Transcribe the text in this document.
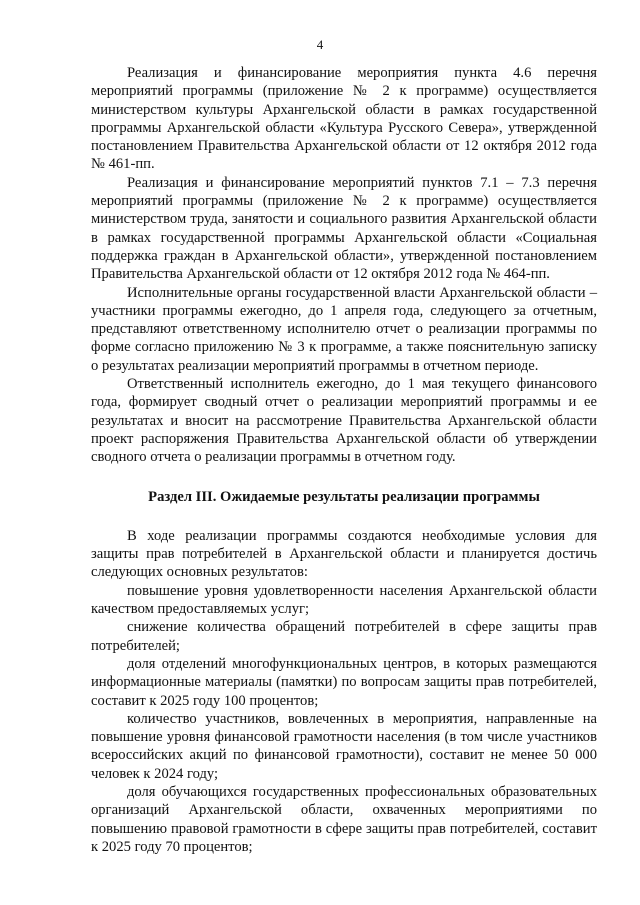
4

Реализация и финансирование мероприятия пункта 4.6 перечня мероприятий программы (приложение № 2 к программе) осуществляется министерством культуры Архангельской области в рамках государственной программы Архангельской области «Культура Русского Севера», утвержденной постановлением Правительства Архангельской области от 12 октября 2012 года № 461-пп.

Реализация и финансирование мероприятий пунктов 7.1 – 7.3 перечня мероприятий программы (приложение № 2 к программе) осуществляется министерством труда, занятости и социального развития Архангельской области в рамках государственной программы Архангельской области «Социальная поддержка граждан в Архангельской области», утвержденной постановлением Правительства Архангельской области от 12 октября 2012 года № 464-пп.

Исполнительные органы государственной власти Архангельской области – участники программы ежегодно, до 1 апреля года, следующего за отчетным, представляют ответственному исполнителю отчет о реализации программы по форме согласно приложению № 3 к программе, а также пояснительную записку о результатах реализации мероприятий программы в отчетном периоде.

Ответственный исполнитель ежегодно, до 1 мая текущего финансового года, формирует сводный отчет о реализации мероприятий программы и ее результатах и вносит на рассмотрение Правительства Архангельской области проект распоряжения Правительства Архангельской области об утверждении сводного отчета о реализации программы в отчетном году.

Раздел III. Ожидаемые результаты реализации программы

В ходе реализации программы создаются необходимые условия для защиты прав потребителей в Архангельской области и планируется достичь следующих основных результатов:

повышение уровня удовлетворенности населения Архангельской области качеством предоставляемых услуг;

снижение количества обращений потребителей в сфере защиты прав потребителей;

доля отделений многофункциональных центров, в которых размещаются информационные материалы (памятки) по вопросам защиты прав потребителей, составит к 2025 году 100 процентов;

количество участников, вовлеченных в мероприятия, направленные на повышение уровня финансовой грамотности населения (в том числе участников всероссийских акций по финансовой грамотности), составит не менее 50 000 человек к 2024 году;

доля обучающихся государственных профессиональных образовательных организаций Архангельской области, охваченных мероприятиями по повышению правовой грамотности в сфере защиты прав потребителей, составит к 2025 году 70 процентов;
